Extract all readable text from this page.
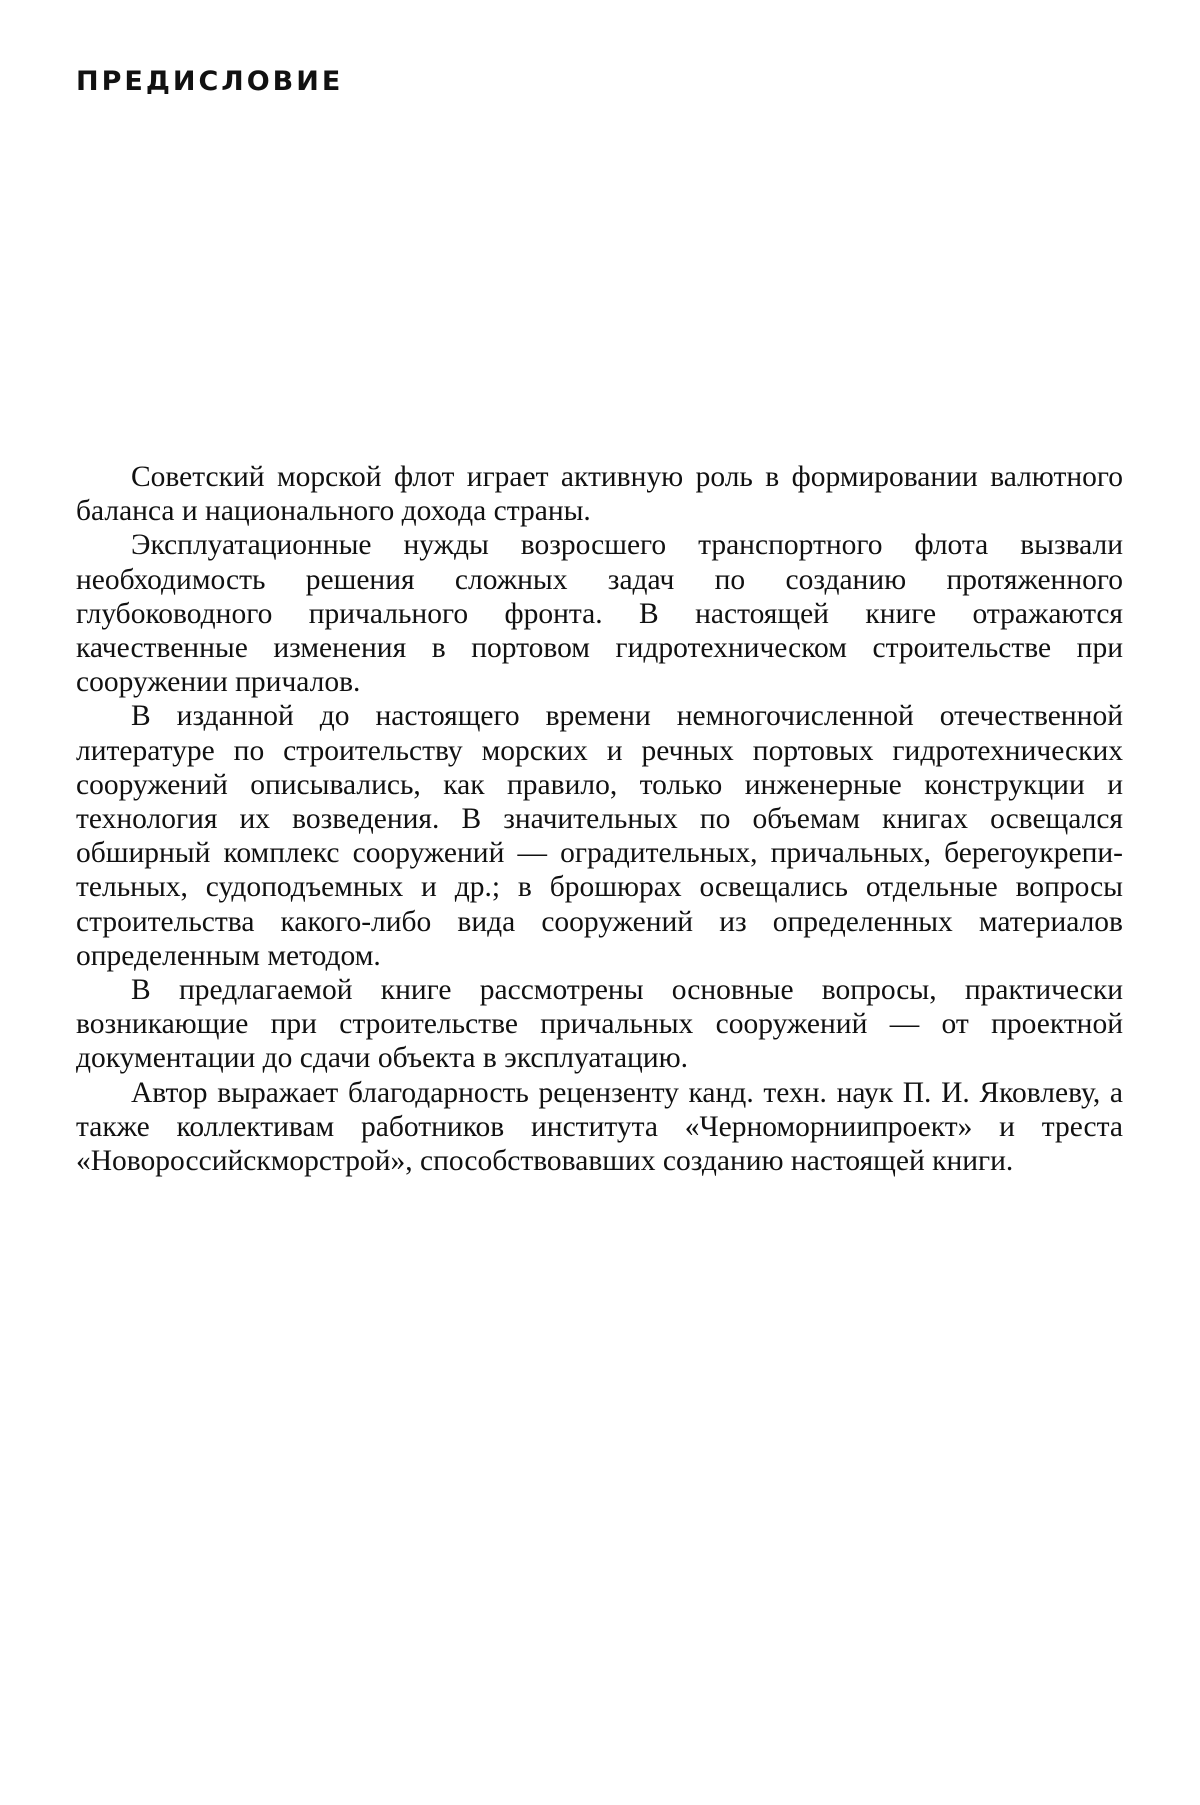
ПРЕДИСЛОВИЕ

Советский морской флот играет активную роль в формировании валютного баланса и национального дохода страны.

Эксплуатационные нужды возросшего транспортного флота вызвали необходимость решения сложных задач по созданию протяженного глубоководного причального фронта. В настоящей книге отражаются качественные изменения в портовом гидротехническом строительстве при сооружении причалов.

В изданной до настоящего времени немногочисленной отечественной литературе по строительству морских и речных портовых гидротехнических сооружений описывались, как правило, только инженерные конструкции и технология их возведения. В значительных по объемам книгах освещался обширный комплекс сооружений — оградительных, причальных, берегоукрепительных, судоподъемных и др.; в брошюрах освещались отдельные вопросы строительства какого-либо вида сооружений из определенных материалов определенным методом.

В предлагаемой книге рассмотрены основные вопросы, практически возникающие при строительстве причальных сооружений — от проектной документации до сдачи объекта в эксплуатацию.

Автор выражает благодарность рецензенту канд. техн. наук П. И. Яковлеву, а также коллективам работников института «Черноморниипроект» и треста «Новороссийскморстрой», способствовавших созданию настоящей книги.
